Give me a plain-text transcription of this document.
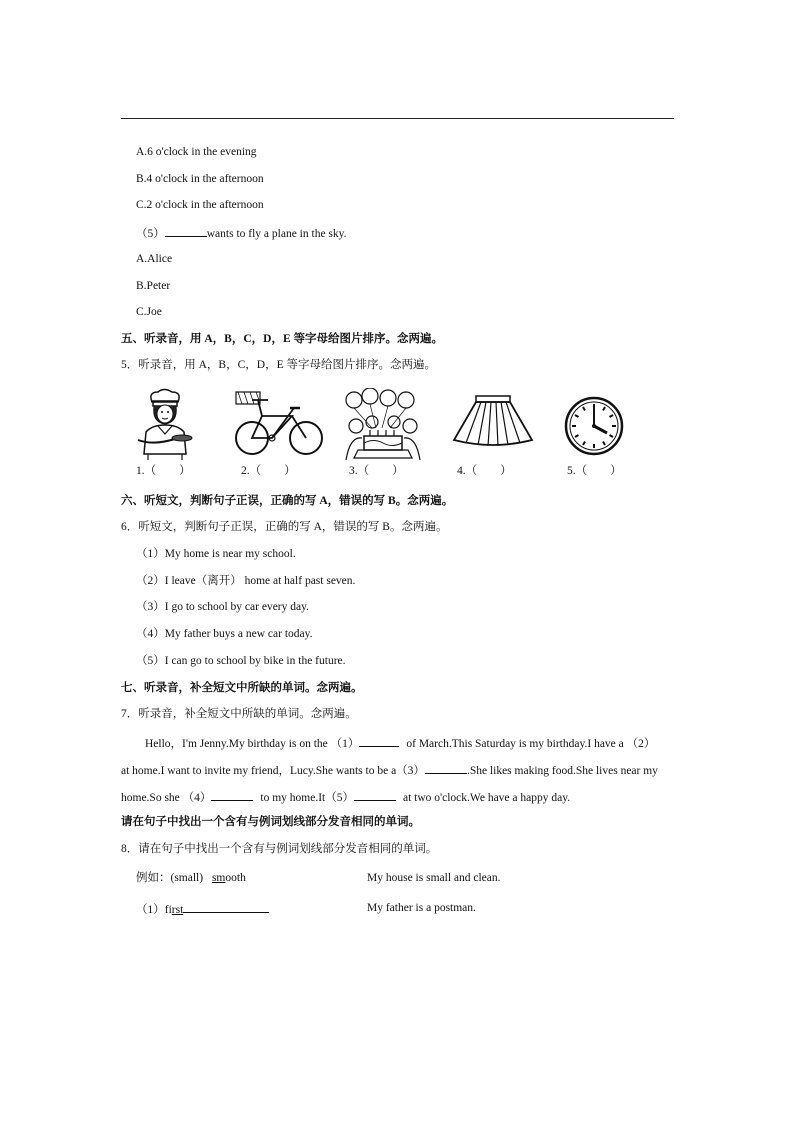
A.6 o'clock in the evening
B.4 o'clock in the afternoon
C.2 o'clock in the afternoon
（5）	wants to fly a plane in the sky.
A.Alice
B.Peter
C.Joe
五、听录音，用 A，B，C，D，E 等字母给图片排序。念两遍。
5．听录音，用 A，B，C，D，E 等字母给图片排序。念两遍。
1.（　　）	2.（　　）	3.（　　）	4.（　　）	5.（　　）
六、听短文，判断句子正误，正确的写 A，错误的写 B。念两遍。
6．听短文，判断句子正误，正确的写 A，错误的写 B。念两遍。
（1）My home is near my school.
（2）I leave（离开） home at half past seven.
（3）I go to school by car every day.
（4）My father buys a new car today.
（5）I can go to school by bike in the future.
七、听录音，补全短文中所缺的单词。念两遍。
7．听录音，补全短文中所缺的单词。念两遍。
Hello，I'm Jenny.My birthday is on the （1）	of March.This Saturday is my birthday.I have a （2）
at home.I want to invite my friend，Lucy.She wants to be a（3）	.She likes making food.She lives near my
home.So she （4）	to my home.It（5）	at two o'clock.We have a happy day.
请在句子中找出一个含有与例词划线部分发音相同的单词。
8．请在句子中找出一个含有与例词划线部分发音相同的单词。
例如：(small) smooth	My house is small and clean.
（1）first	My father is a postman.
